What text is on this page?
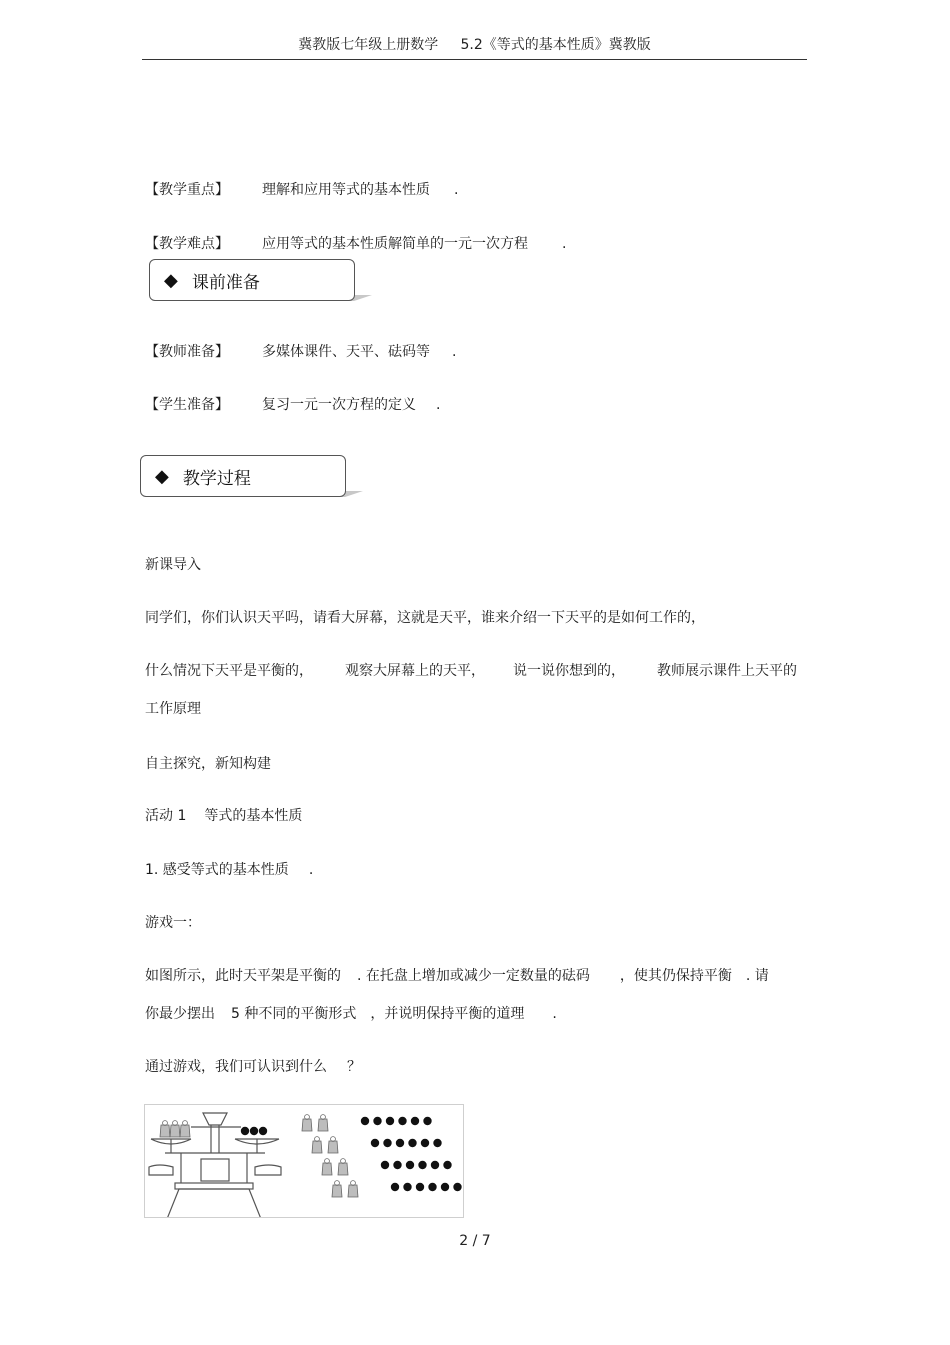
冀教版七年级上册数学     5.2《等式的基本性质》冀教版
【教学重点】 理解和应用等式的基本性质 .
【教学难点】 应用等式的基本性质解简单的一元一次方程 .
◆ 课前准备
【教师准备】 多媒体课件、天平、砝码等 .
【学生准备】 复习一元一次方程的定义 .
◆ 教学过程
新课导入
同学们，你们认识天平吗，请看大屏幕，这就是天平，谁来介绍一下天平的是如何工作的，
什么情况下天平是平衡的， 观察大屏幕上的天平， 说一说你想到的， 教师展示课件上天平的
工作原理
自主探究，新知构建
活动 1 等式的基本性质
1. 感受等式的基本性质 .
游戏一：
如图所示，此时天平架是平衡的 . 在托盘上增加或减少一定数量的砝码 ，使其仍保持平衡 . 请
你最少摆出 5 种不同的平衡形式 ，并说明保持平衡的道理 .
通过游戏，我们可认识到什么 ？
2 / 7
